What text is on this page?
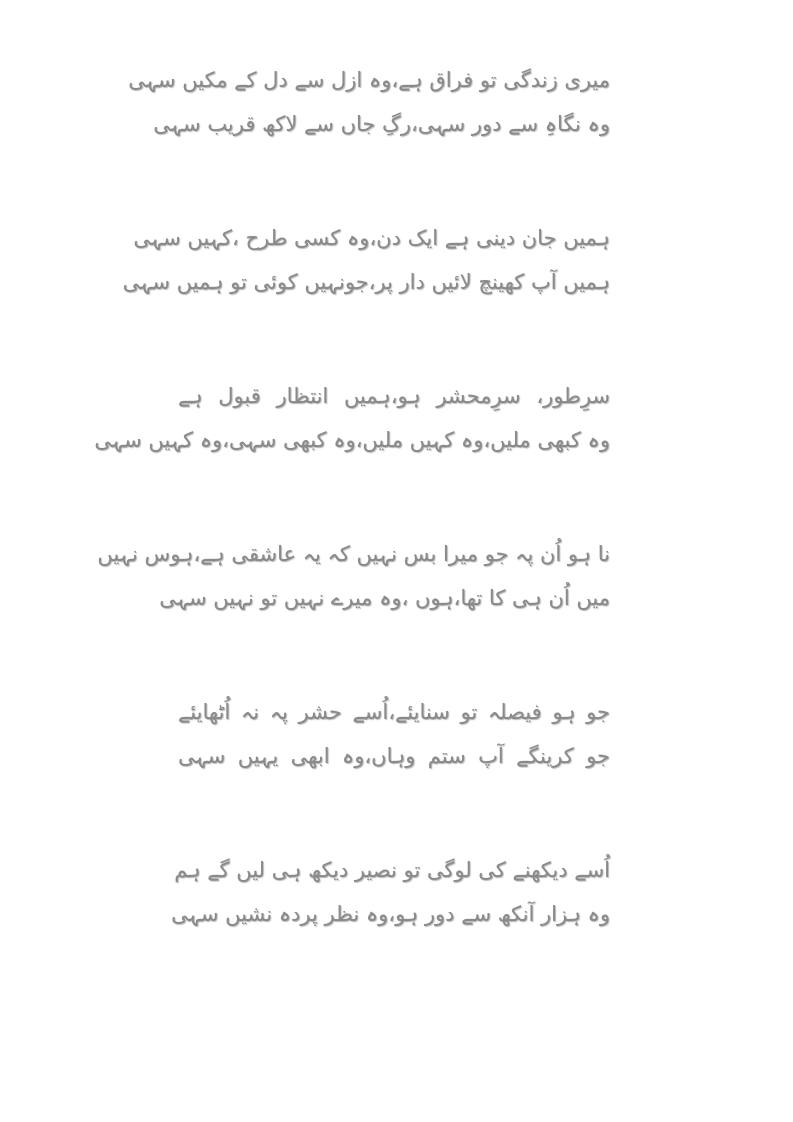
میری زندگی تو فراق ہے،وہ ازل سے دل کے مکیں سہی
وہ نگاہِ سے دور سہی،رگِ جاں سے لاکھ قریب سہی
ہمیں جان دینی ہے ایک دن،وہ کسی طرح ،کہیں سہی
ہمیں آپ کھینچ لائیں دار پر،جونہیں کوئی تو ہمیں سہی
سرِطور، سرِمحشر ہو،ہمیں انتظار قبول ہے
وہ کبھی ملیں،وہ کہیں ملیں،وہ کبھی سہی،وہ کہیں سہی
نا ہو اُن پہ جو میرا بس نہیں کہ یہ عاشقی ہے،ہوس نہیں
میں اُن ہی کا تھا،ہوں ،وہ میرے نہیں تو نہیں سہی
جو ہو فیصلہ تو سنایئے،اُسے حشر پہ نہ اُٹھایئے
جو کرینگے آپ ستم وہاں،وہ ابھی یہیں سہی
اُسے دیکھنے کی لوگی تو نصیر دیکھ ہی لیں گے ہم
وہ ہزار آنکھ سے دور ہو،وہ نظر پردہ نشیں سہی
